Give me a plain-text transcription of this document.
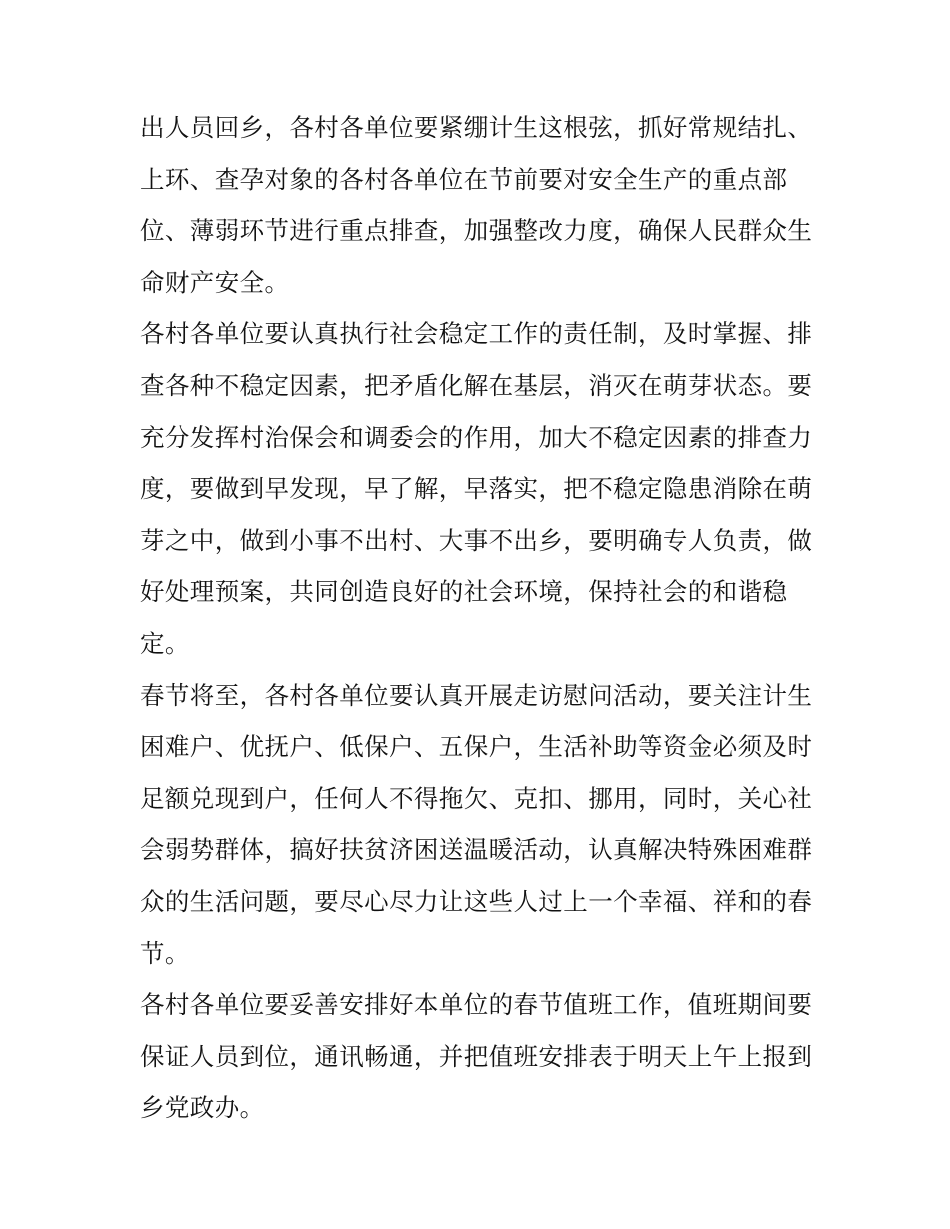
出人员回乡，各村各单位要紧绷计生这根弦，抓好常规结扎、
上环、查孕对象的各村各单位在节前要对安全生产的重点部
位、薄弱环节进行重点排查，加强整改力度，确保人民群众生
命财产安全。
各村各单位要认真执行社会稳定工作的责任制，及时掌握、排
查各种不稳定因素，把矛盾化解在基层，消灭在萌芽状态。要
充分发挥村治保会和调委会的作用，加大不稳定因素的排查力
度，要做到早发现，早了解，早落实，把不稳定隐患消除在萌
芽之中，做到小事不出村、大事不出乡，要明确专人负责，做
好处理预案，共同创造良好的社会环境，保持社会的和谐稳
定。
春节将至，各村各单位要认真开展走访慰问活动，要关注计生
困难户、优抚户、低保户、五保户，生活补助等资金必须及时
足额兑现到户，任何人不得拖欠、克扣、挪用，同时，关心社
会弱势群体，搞好扶贫济困送温暖活动，认真解决特殊困难群
众的生活问题，要尽心尽力让这些人过上一个幸福、祥和的春
节。
各村各单位要妥善安排好本单位的春节值班工作，值班期间要
保证人员到位，通讯畅通，并把值班安排表于明天上午上报到
乡党政办。
